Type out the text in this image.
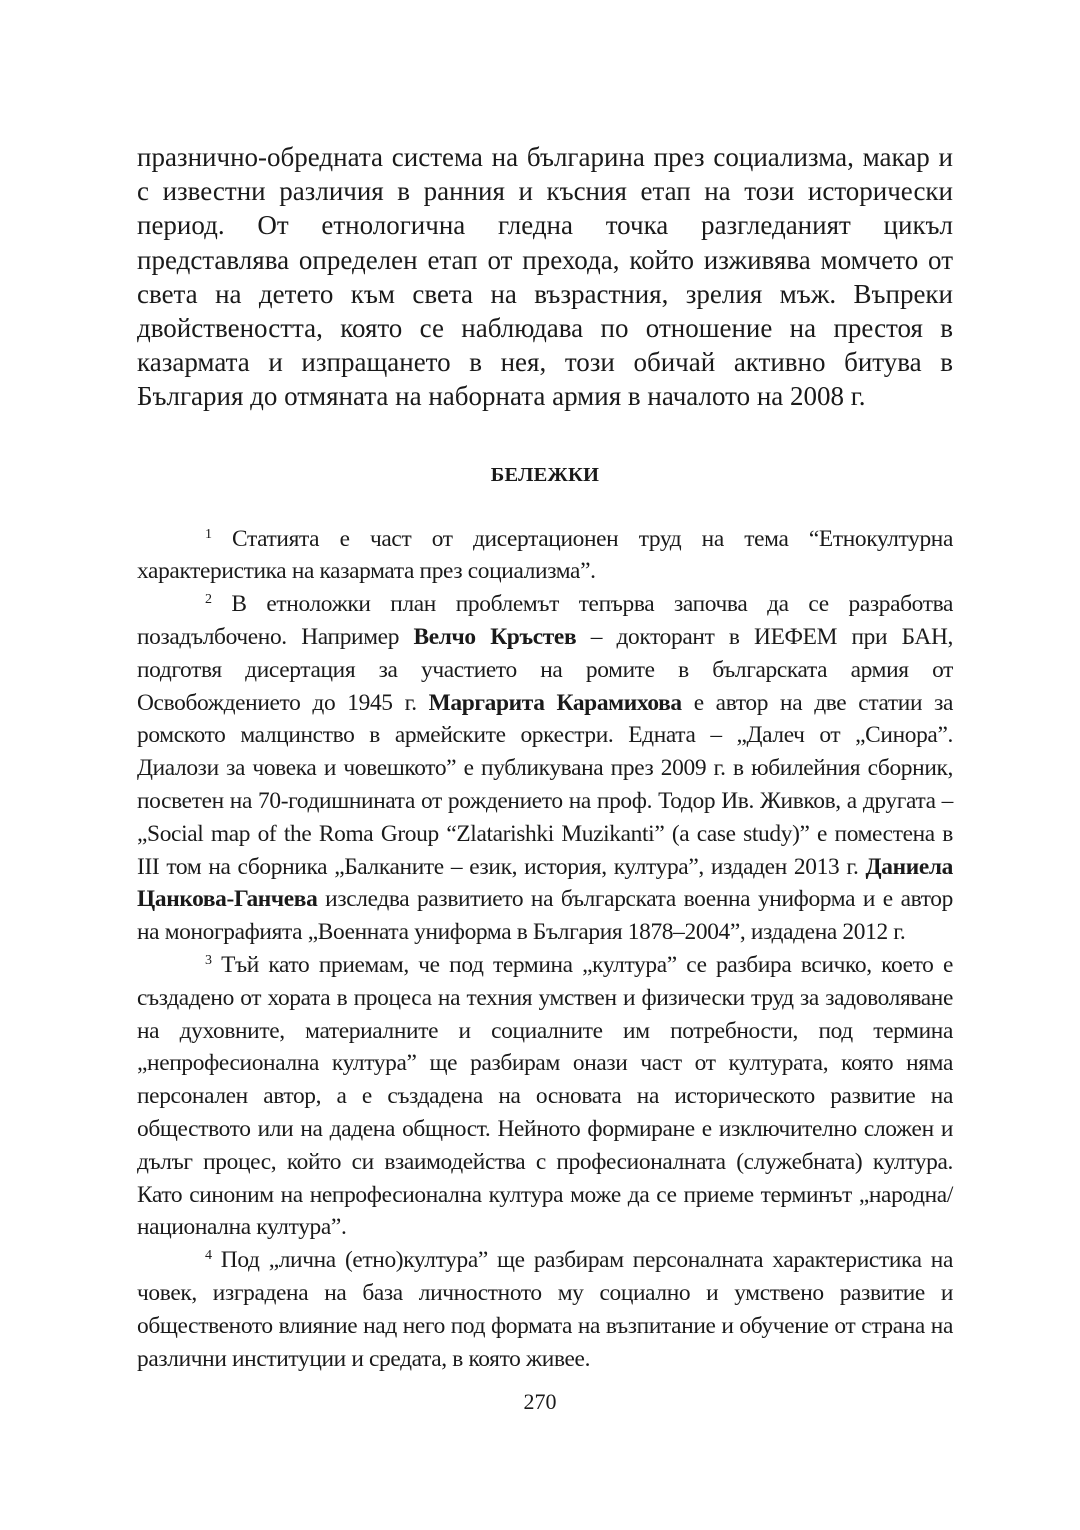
празнично-обредната система на българина през социализма, макар и с известни различия в ранния и късния етап на този исторически период. От етнологична гледна точка разгледаният цикъл представлява определен етап от прехода, който изживява момчето от света на детето към света на възрастния, зрелия мъж. Въпреки двойствеността, която се наблюдава по отношение на престоя в казармата и изпращането в нея, този обичай активно битува в България до отмяната на наборната армия в началото на 2008 г.

БЕЛЕЖКИ

$^1$ Статията е част от дисертационен труд на тема “Етнокултурна характеристика на казармата през социализма”.

$^2$ В етноложки план проблемът тепърва започва да се разработва позадълбочено. Например Велчо Кръстев – докторант в ИЕФЕМ при БАН, подготвя дисертация за участието на ромите в българската армия от Освобождението до 1945 г. Маргарита Карамихова е автор на две статии за ромското малцинство в армейските оркестри. Едната – „Далеч от „Синора”. Диалози за човека и човешкото” е публикувана през 2009 г. в юбилейния сборник, посветен на 70-годишнината от рождението на проф. Тодор Ив. Живков, а другата – „Social map of the Roma Group “Zlatarishki Muzikanti” (a case study)” е поместена в III том на сборника „Балканите – език, история, култура”, издаден 2013 г. Даниела Цанкова-Ганчева изследва развитието на българската военна униформа и е автор на монографията „Военната униформа в България 1878–2004”, издадена 2012 г.

$^3$ Тъй като приемам, че под термина „култура” се разбира всичко, което е създадено от хората в процеса на техния умствен и физически труд за задоволяване на духовните, материалните и социалните им потребности, под термина „непрофесионална култура” ще разбирам онази част от културата, която няма персонален автор, а е създадена на основата на историческото развитие на обществото или на дадена общност. Нейното формиране е изключително сложен и дълъг процес, който си взаимодейства с професионалната (служебната) култура. Като синоним на непрофесионална култура може да се приеме терминът „народна/национална култура”.

$^4$ Под „лична (етно)култура” ще разбирам персоналната характеристика на човек, изградена на база личностното му социално и умствено развитие и общественото влияние над него под формата на възпитание и обучение от страна на различни институции и средата, в която живее.

270
